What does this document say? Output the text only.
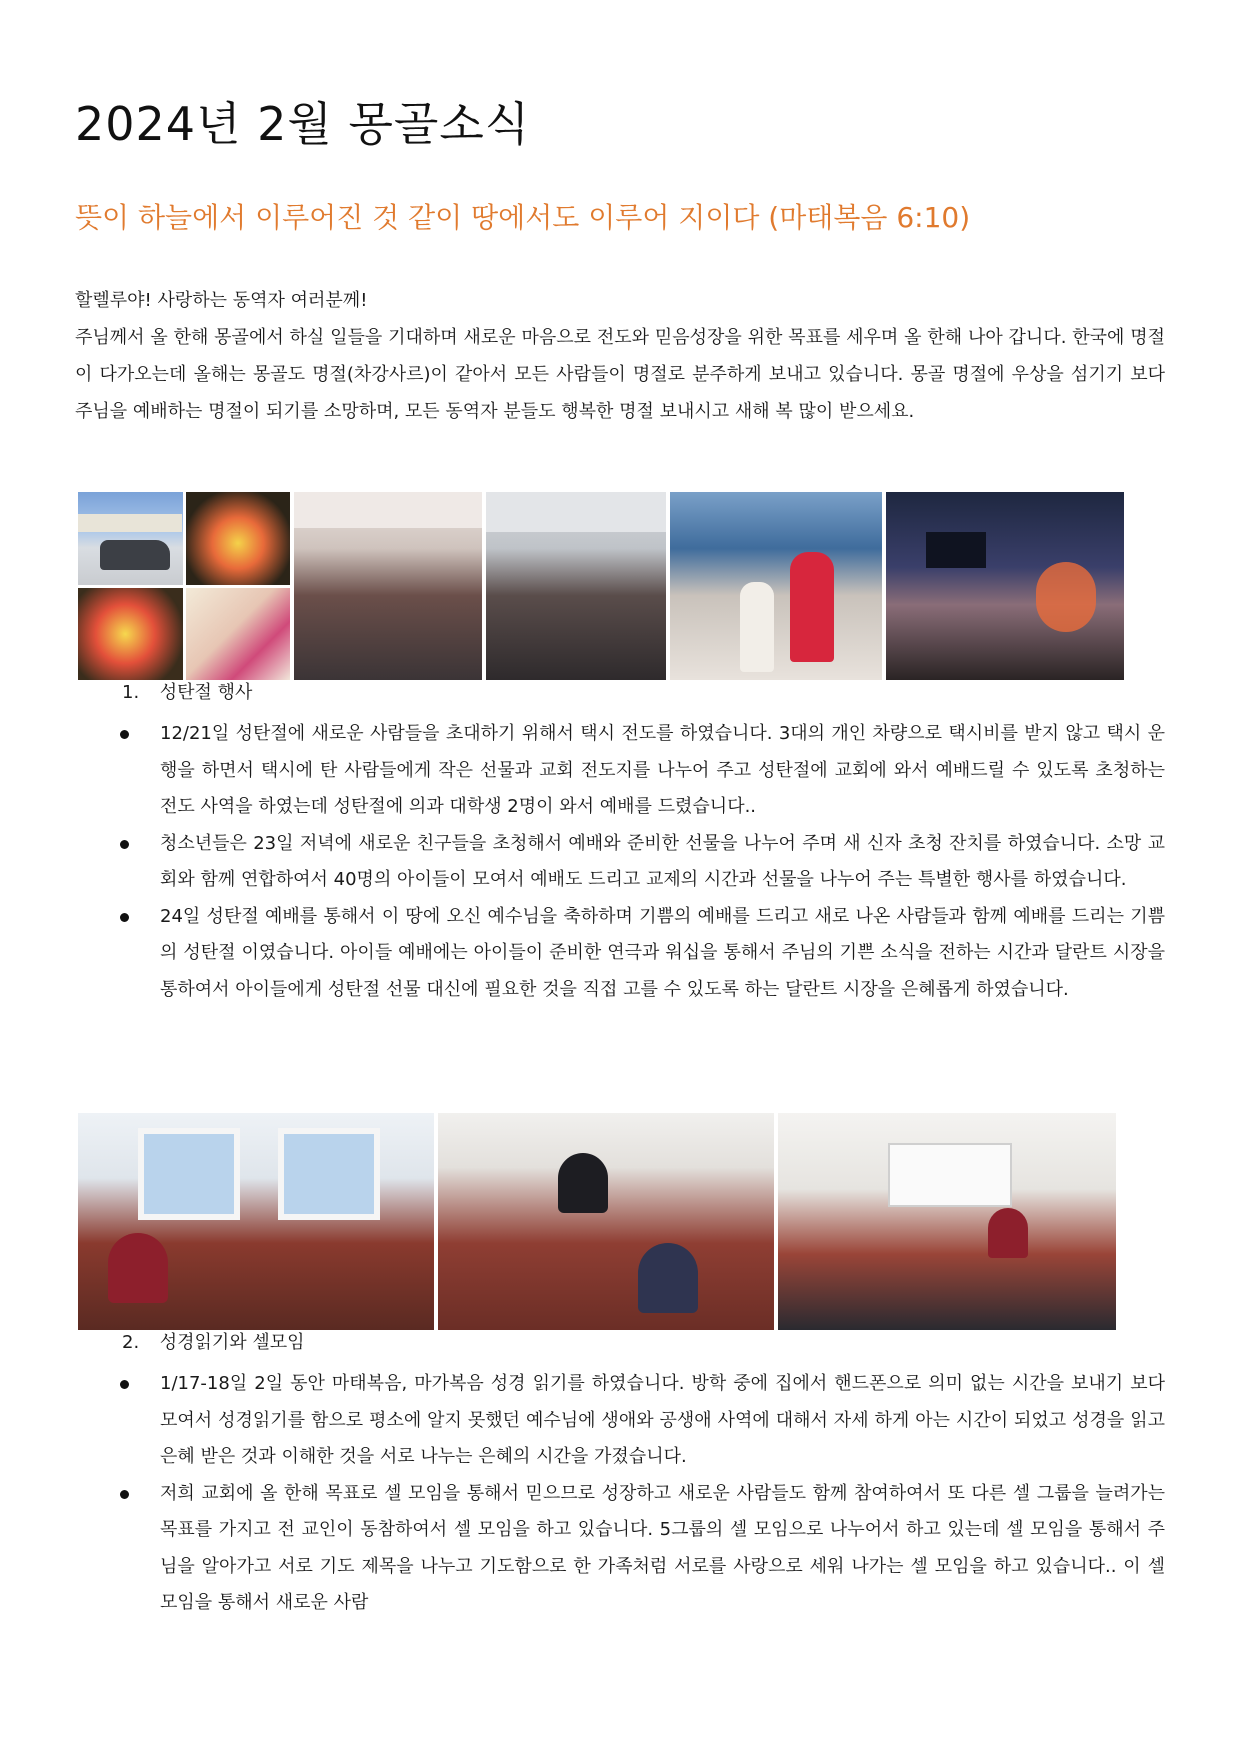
2024년 2월 몽골소식

뜻이 하늘에서 이루어진 것 같이 땅에서도 이루어 지이다 (마태복음 6:10)

할렐루야! 사랑하는 동역자 여러분께!

주님께서 올 한해 몽골에서 하실 일들을 기대하며 새로운 마음으로 전도와 믿음성장을 위한 목표를 세우며 올 한해 나아 갑니다. 한국에 명절이 다가오는데 올해는 몽골도 명절(차강사르)이 같아서 모든 사람들이 명절로 분주하게 보내고 있습니다. 몽골 명절에 우상을 섬기기 보다 주님을 예배하는 명절이 되기를 소망하며, 모든 동역자 분들도 행복한 명절 보내시고 새해 복 많이 받으세요.

1. 성탄절 행사
12/21일 성탄절에 새로운 사람들을 초대하기 위해서 택시 전도를 하였습니다. 3대의 개인 차량으로 택시비를 받지 않고 택시 운행을 하면서 택시에 탄 사람들에게 작은 선물과 교회 전도지를 나누어 주고 성탄절에 교회에 와서 예배드릴 수 있도록 초청하는 전도 사역을 하였는데 성탄절에 의과 대학생 2명이 와서 예배를 드렸습니다..
청소년들은 23일 저녁에 새로운 친구들을 초청해서 예배와 준비한 선물을 나누어 주며 새 신자 초청 잔치를 하였습니다. 소망 교회와 함께 연합하여서 40명의 아이들이 모여서 예배도 드리고 교제의 시간과 선물을 나누어 주는 특별한 행사를 하였습니다.
24일 성탄절 예배를 통해서 이 땅에 오신 예수님을 축하하며 기쁨의 예배를 드리고 새로 나온 사람들과 함께 예배를 드리는 기쁨의 성탄절 이였습니다. 아이들 예배에는 아이들이 준비한 연극과 워십을 통해서 주님의 기쁜 소식을 전하는 시간과 달란트 시장을 통하여서 아이들에게 성탄절 선물 대신에 필요한 것을 직접 고를 수 있도록 하는 달란트 시장을 은혜롭게 하였습니다.
2. 성경읽기와 셀모임
1/17-18일 2일 동안 마태복음, 마가복음 성경 읽기를 하였습니다. 방학 중에 집에서 핸드폰으로 의미 없는 시간을 보내기 보다 모여서 성경읽기를 함으로 평소에 알지 못했던 예수님에 생애와 공생애 사역에 대해서 자세 하게 아는 시간이 되었고 성경을 읽고 은혜 받은 것과 이해한 것을 서로 나누는 은혜의 시간을 가졌습니다.
저희 교회에 올 한해 목표로 셀 모임을 통해서 믿으므로 성장하고 새로운 사람들도 함께 참여하여서 또 다른 셀 그룹을 늘려가는 목표를 가지고 전 교인이 동참하여서 셀 모임을 하고 있습니다. 5그룹의 셀 모임으로 나누어서 하고 있는데 셀 모임을 통해서 주님을 알아가고 서로 기도 제목을 나누고 기도함으로 한 가족처럼 서로를 사랑으로 세워 나가는 셀 모임을 하고 있습니다.. 이 셀 모임을 통해서 새로운 사람
